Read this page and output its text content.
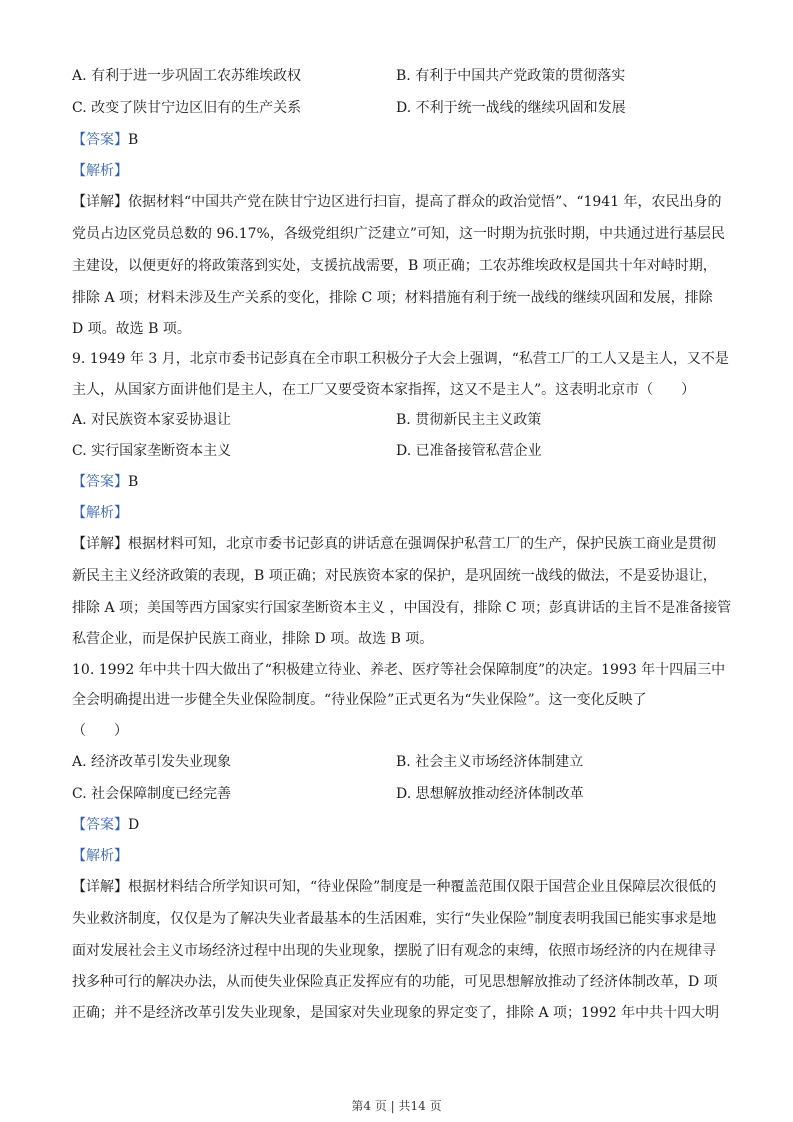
A. 有利于进一步巩固工农苏维埃政权	B. 有利于中国共产党政策的贯彻落实
C. 改变了陕甘宁边区旧有的生产关系	D. 不利于统一战线的继续巩固和发展
【答案】B
【解析】
【详解】依据材料“中国共产党在陕甘宁边区进行扫盲，提高了群众的政治觉悟”、“1941 年，农民出身的
党员占边区党员总数的 96.17%，各级党组织广泛建立”可知，这一时期为抗张时期，中共通过进行基层民
主建设，以便更好的将政策落到实处，支援抗战需要，B 项正确；工农苏维埃政权是国共十年对峙时期，
排除 A 项；材料未涉及生产关系的变化，排除 C 项；材料措施有利于统一战线的继续巩固和发展，排除
D 项。故选 B 项。
9. 1949 年 3 月，北京市委书记彭真在全市职工积极分子大会上强调，“私营工厂的工人又是主人，又不是
主人，从国家方面讲他们是主人，在工厂又要受资本家指挥，这又不是主人”。这表明北京市（　　）
A. 对民族资本家妥协退让	B. 贯彻新民主主义政策
C. 实行国家垄断资本主义	D. 已准备接管私营企业
【答案】B
【解析】
【详解】根据材料可知，北京市委书记彭真的讲话意在强调保护私营工厂的生产，保护民族工商业是贯彻
新民主主义经济政策的表现，B 项正确；对民族资本家的保护，是巩固统一战线的做法，不是妥协退让，
排除 A 项；美国等西方国家实行国家垄断资本主义 ，中国没有，排除 C 项；彭真讲话的主旨不是准备接管
私营企业，而是保护民族工商业，排除 D 项。故选 B 项。
10. 1992 年中共十四大做出了“积极建立待业、养老、医疗等社会保障制度”的决定。1993 年十四届三中
全会明确提出进一步健全失业保险制度。“待业保险”正式更名为“失业保险”。这一变化反映了
（　　）
A. 经济改革引发失业现象	B. 社会主义市场经济体制建立
C. 社会保障制度已经完善	D. 思想解放推动经济体制改革
【答案】D
【解析】
【详解】根据材料结合所学知识可知，“待业保险”制度是一种覆盖范围仅限于国营企业且保障层次很低的
失业救济制度，仅仅是为了解决失业者最基本的生活困难，实行“失业保险”制度表明我国已能实事求是地
面对发展社会主义市场经济过程中出现的失业现象，摆脱了旧有观念的束缚，依照市场经济的内在规律寻
找多种可行的解决办法，从而使失业保险真正发挥应有的功能，可见思想解放推动了经济体制改革，D 项
正确；并不是经济改革引发失业现象，是国家对失业现象的界定变了，排除 A 项；1992 年中共十四大明
第4 页 | 共14 页
